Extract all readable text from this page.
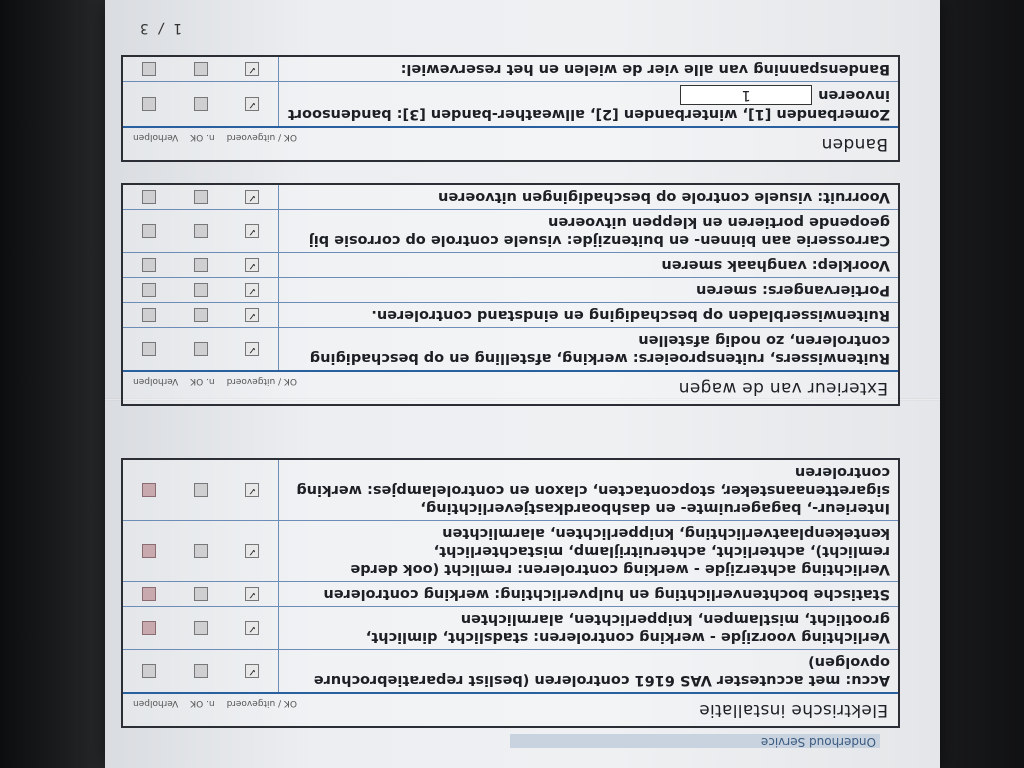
Onderhoud Service
Elektrische installatie
OK / uitgevoerd
n. OK
Verholpen
Accu: met accutester VAS 6161 controleren (beslist reparatiebrochure opvolgen)
✓
Verlichting voorzijde - werking controleren: stadslicht, dimlicht, grootlicht, mistlampen, knipperlichten, alarmlichten
✓
Statische bochtenverlichting en hulpverlichting: werking controleren
✓
Verlichting achterzijde - werking controleren: remlicht (ook derde remlicht), achterlicht, achteruitrijlamp, mistachterlicht, kentekenplaatverlichting, knipperlichten, alarmlichten
✓
Interieur-, bagageruimte- en dashboardkastjeverlichting, sigarettenaansteker, stopcontacten, claxon en controlelampjes: werking controleren
✓
Exterieur van de wagen
OK / uitgevoerd
n. OK
Verholpen
Ruitenwissers, ruitensproeiers: werking, afstelling en op beschadiging controleren, zo nodig afstellen
✓
Ruitenwisserbladen op beschadiging en eindstand controleren.
✓
Portiervangers: smeren
✓
Voorklep: vanghaak smeren
✓
Carrosserie aan binnen- en buitenzijde: visuele controle op corrosie bij geopende portieren en kleppen uitvoeren
✓
Voorruit: visuele controle op beschadigingen uitvoeren
✓
Banden
OK / uitgevoerd
n. OK
Verholpen
Zomerbanden [1], winterbanden [2], allweather-banden [3]: bandensoort invoeren1
✓
Bandenspanning van alle vier de wielen en het reservewiel:
✓
1 / 3
